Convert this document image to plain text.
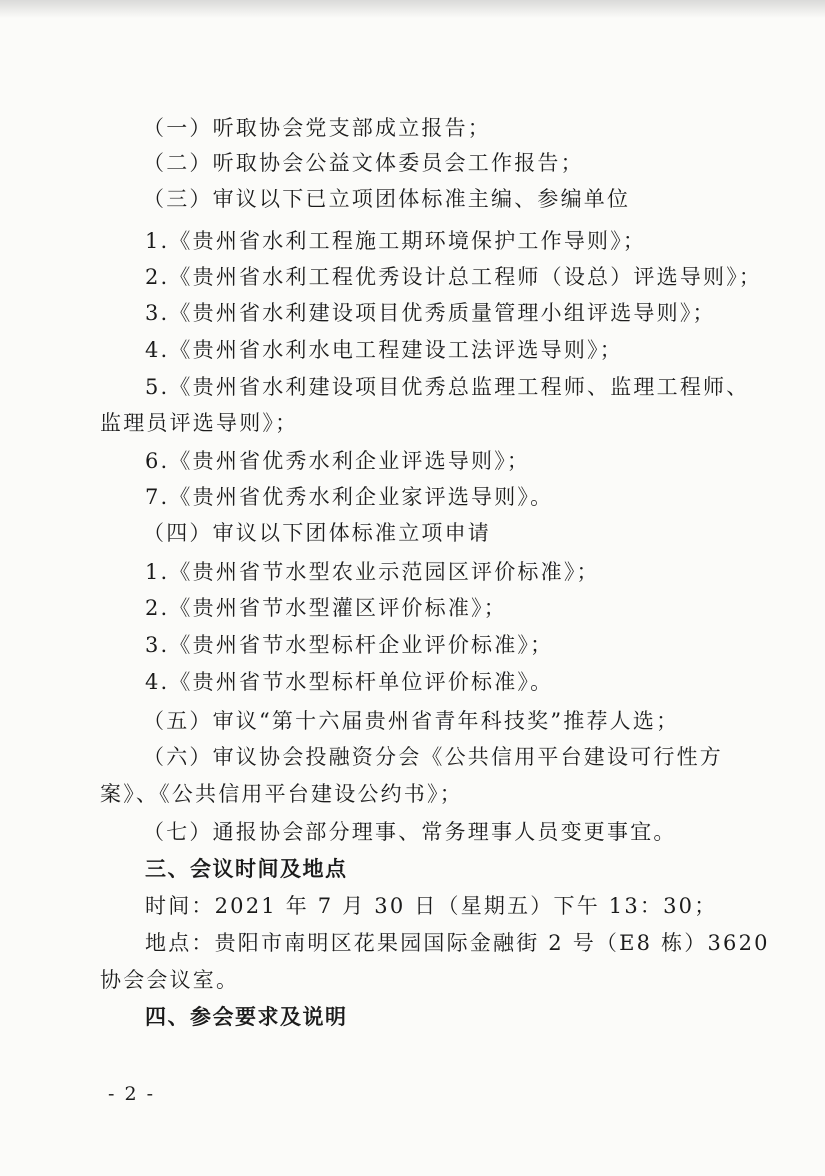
（一）听取协会党支部成立报告；
（二）听取协会公益文体委员会工作报告；
（三）审议以下已立项团体标准主编、参编单位
1.《贵州省水利工程施工期环境保护工作导则》；
2.《贵州省水利工程优秀设计总工程师（设总）评选导则》；
3.《贵州省水利建设项目优秀质量管理小组评选导则》；
4.《贵州省水利水电工程建设工法评选导则》；
5.《贵州省水利建设项目优秀总监理工程师、监理工程师、
监理员评选导则》；
6.《贵州省优秀水利企业评选导则》；
7.《贵州省优秀水利企业家评选导则》。
（四）审议以下团体标准立项申请
1.《贵州省节水型农业示范园区评价标准》；
2.《贵州省节水型灌区评价标准》；
3.《贵州省节水型标杆企业评价标准》；
4.《贵州省节水型标杆单位评价标准》。
（五）审议“第十六届贵州省青年科技奖”推荐人选；
（六）审议协会投融资分会《公共信用平台建设可行性方
案》、《公共信用平台建设公约书》；
（七）通报协会部分理事、常务理事人员变更事宜。
三、会议时间及地点
时间：2021 年 7 月 30 日（星期五）下午 13：30；
地点：贵阳市南明区花果园国际金融街 2 号（E8 栋）3620
协会会议室。
四、参会要求及说明
- 2 -
